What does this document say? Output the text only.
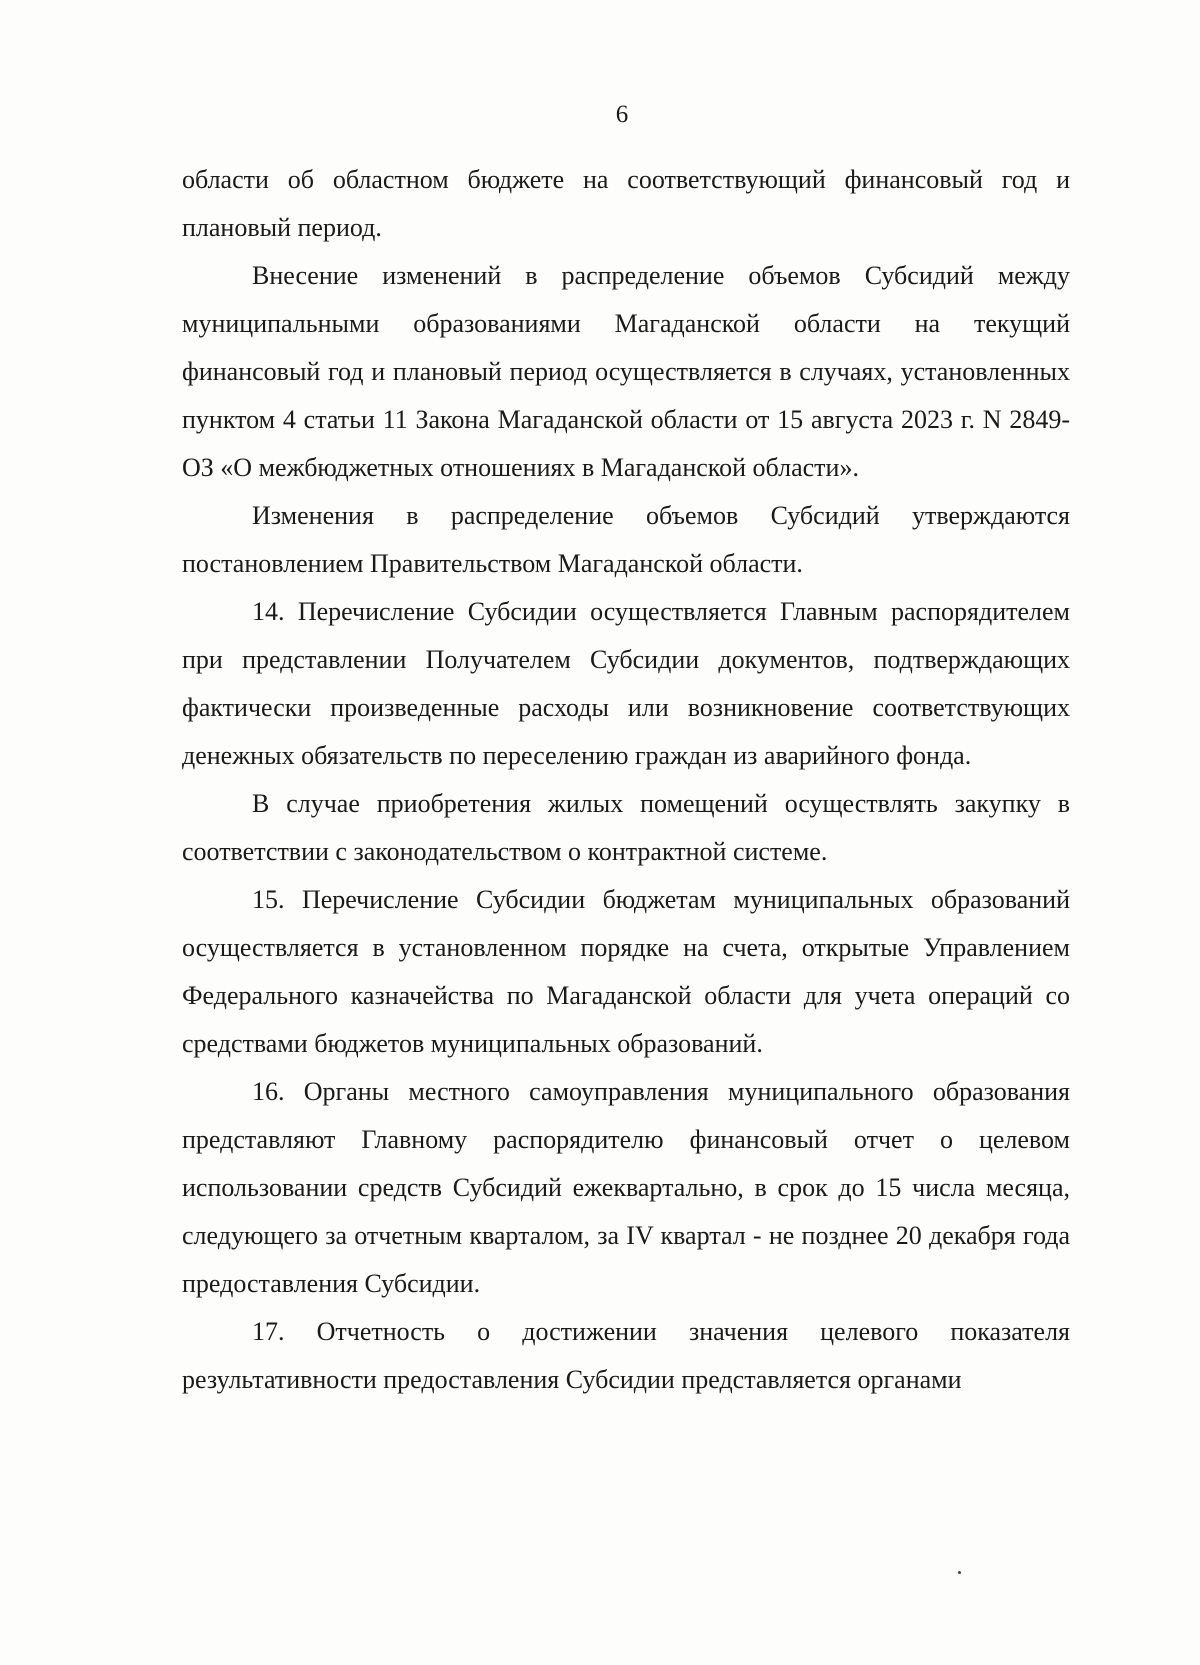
6

области об областном бюджете на соответствующий финансовый год и плановый период.

Внесение изменений в распределение объемов Субсидий между муниципальными образованиями Магаданской области на текущий финансовый год и плановый период осуществляется в случаях, установленных пунктом 4 статьи 11 Закона Магаданской области от 15 августа 2023 г. N 2849-ОЗ «О межбюджетных отношениях в Магаданской области».

Изменения в распределение объемов Субсидий утверждаются постановлением Правительством Магаданской области.

14. Перечисление Субсидии осуществляется Главным распорядителем при представлении Получателем Субсидии документов, подтверждающих фактически произведенные расходы или возникновение соответствующих денежных обязательств по переселению граждан из аварийного фонда.

В случае приобретения жилых помещений осуществлять закупку в соответствии с законодательством о контрактной системе.

15. Перечисление Субсидии бюджетам муниципальных образований осуществляется в установленном порядке на счета, открытые Управлением Федерального казначейства по Магаданской области для учета операций со средствами бюджетов муниципальных образований.

16. Органы местного самоуправления муниципального образования представляют Главному распорядителю финансовый отчет о целевом использовании средств Субсидий ежеквартально, в срок до 15 числа месяца, следующего за отчетным кварталом, за IV квартал - не позднее 20 декабря года предоставления Субсидии.

17. Отчетность о достижении значения целевого показателя результативности предоставления Субсидии представляется органами
